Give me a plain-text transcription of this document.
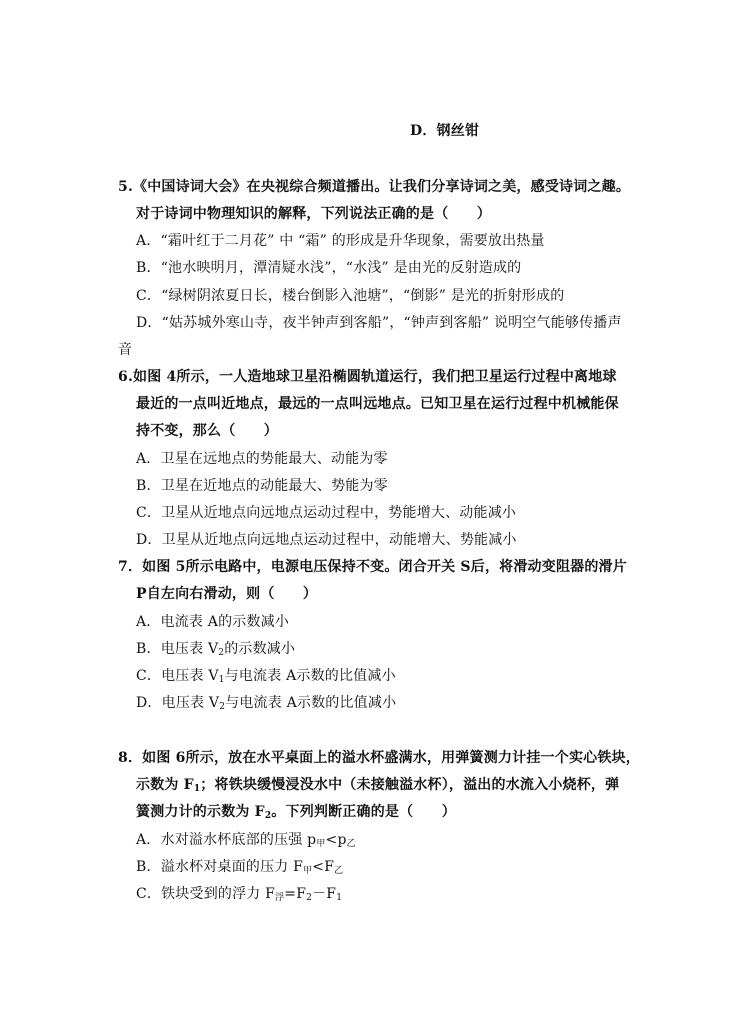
D．钢丝钳
5.《中国诗词大会》在央视综合频道播出。让我们分享诗词之美，感受诗词之趣。
对于诗词中物理知识的解释，下列说法正确的是（　　）
A．“霜叶红于二月花” 中 “霜” 的形成是升华现象，需要放出热量
B．“池水映明月，潭清疑水浅”，“水浅” 是由光的反射造成的
C．“绿树阴浓夏日长，楼台倒影入池塘”，“倒影” 是光的折射形成的
D．“姑苏城外寒山寺，夜半钟声到客船”，“钟声到客船” 说明空气能够传播声
音
6.如图 4所示，一人造地球卫星沿椭圆轨道运行，我们把卫星运行过程中离地球
最近的一点叫近地点，最远的一点叫远地点。已知卫星在运行过程中机械能保
持不变，那么（　　）
A．卫星在远地点的势能最大、动能为零
B．卫星在近地点的动能最大、势能为零
C．卫星从近地点向远地点运动过程中，势能增大、动能减小
D．卫星从近地点向远地点运动过程中，动能增大、势能减小
7．如图 5所示电路中，电源电压保持不变。闭合开关 S后，将滑动变阻器的滑片
P自左向右滑动，则（　　）
A．电流表 A的示数减小
B．电压表 $V_2$的示数减小
C．电压表 $V_1$与电流表 A示数的比值减小
D．电压表 $V_2$与电流表 A示数的比值减小
8．如图 6所示，放在水平桌面上的溢水杯盛满水，用弹簧测力计挂一个实心铁块，
示数为 $F_1$；将铁块缓慢浸没水中（未接触溢水杯），溢出的水流入小烧杯，弹
簧测力计的示数为 $F_2$。下列判断正确的是（　　）
A．水对溢水杯底部的压强 $p_甲<p_乙$
B．溢水杯对桌面的压力 $F_甲<F_乙$
C．铁块受到的浮力 $F_浮=F_2-F_1$
